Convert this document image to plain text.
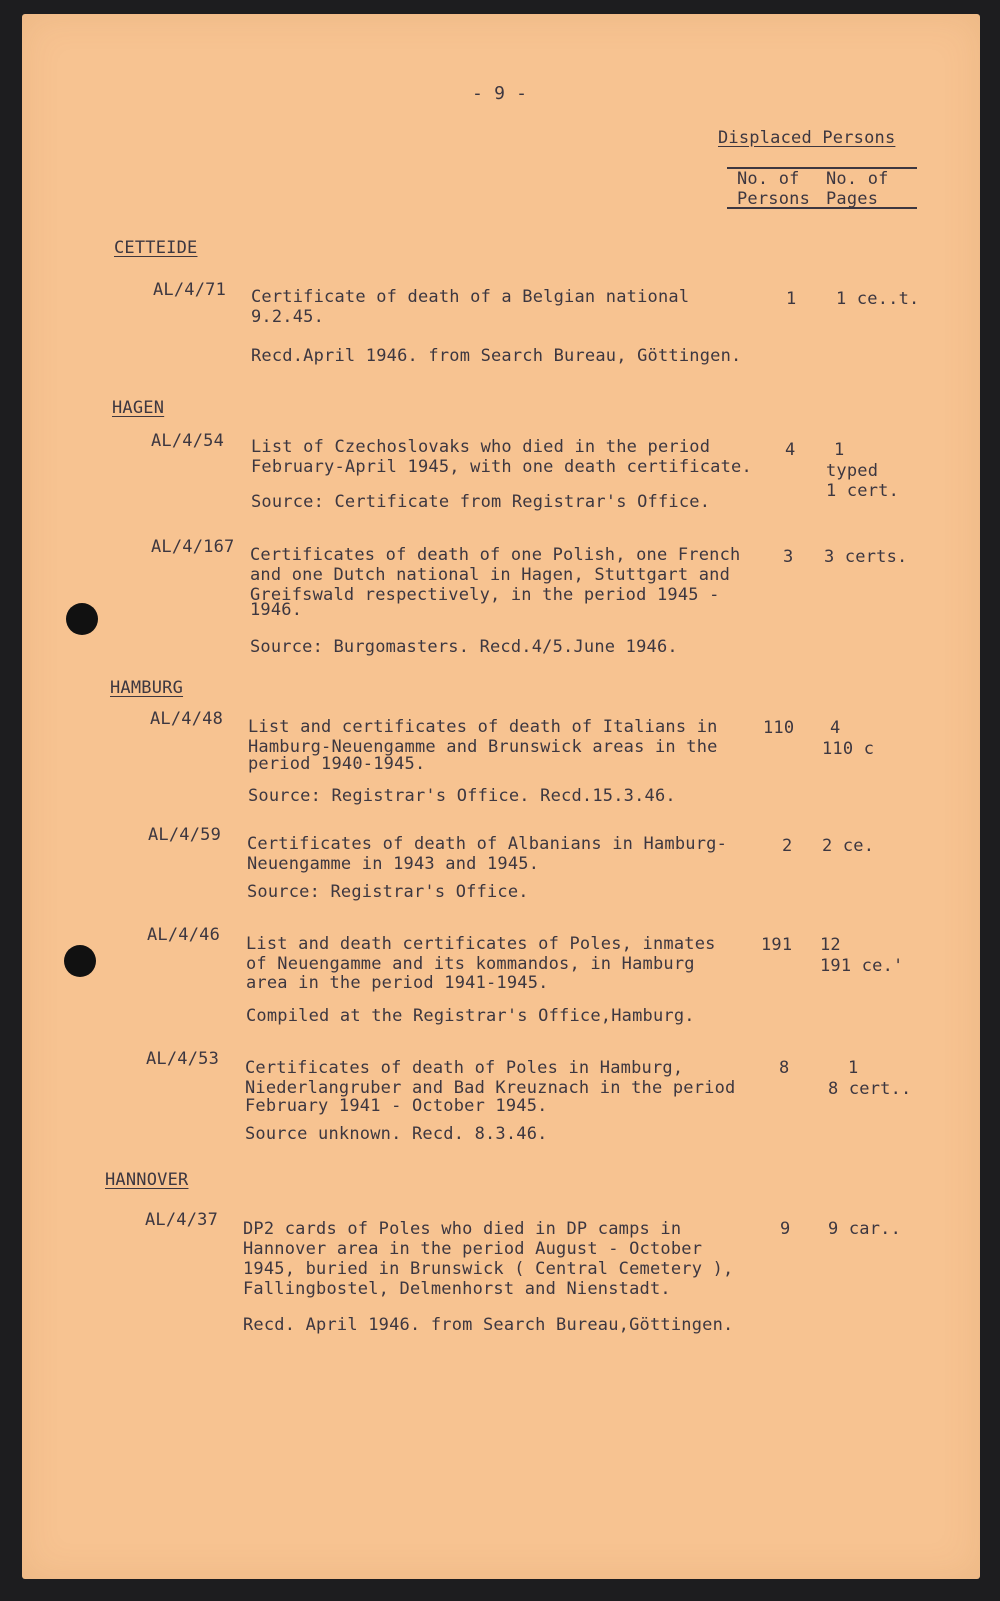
- 9 -
Displaced Persons
No. of
Persons
No. of
Pages
CETTEIDE
AL/4/71 Certificate of death of a Belgian national
9.2.45.
Recd.April 1946. from Search Bureau, Göttingen.
1 1 ce..t.
HAGEN
AL/4/54 List of Czechoslovaks who died in the period
February-April 1945, with one death certificate.
Source: Certificate from Registrar's Office.
4 1
typed
1 cert.
AL/4/167 Certificates of death of one Polish, one French
and one Dutch national in Hagen, Stuttgart and
Greifswald respectively, in the period 1945 -
1946.
Source: Burgomasters. Recd.4/5.June 1946.
3 3 certs.
HAMBURG
AL/4/48 List and certificates of death of Italians in
Hamburg-Neuengamme and Brunswick areas in the
period 1940-1945.
Source: Registrar's Office. Recd.15.3.46.
110 4
110 c
AL/4/59 Certificates of death of Albanians in Hamburg-
Neuengamme in 1943 and 1945.
Source: Registrar's Office.
2 2 ce.
AL/4/46 List and death certificates of Poles, inmates
of Neuengamme and its kommandos, in Hamburg
area in the period 1941-1945.
Compiled at the Registrar's Office,Hamburg.
191 12
191 ce.'
AL/4/53 Certificates of death of Poles in Hamburg,
Niederlangruber and Bad Kreuznach in the period
February 1941 - October 1945.
Source unknown. Recd. 8.3.46.
8	1
8 cert..
HANNOVER
AL/4/37 DP2 cards of Poles who died in DP camps in
Hannover area in the period August - October
1945, buried in Brunswick ( Central Cemetery ),
Fallingbostel, Delmenhorst and Nienstadt.
Recd. April 1946. from Search Bureau,Göttingen.
9 9 car..
